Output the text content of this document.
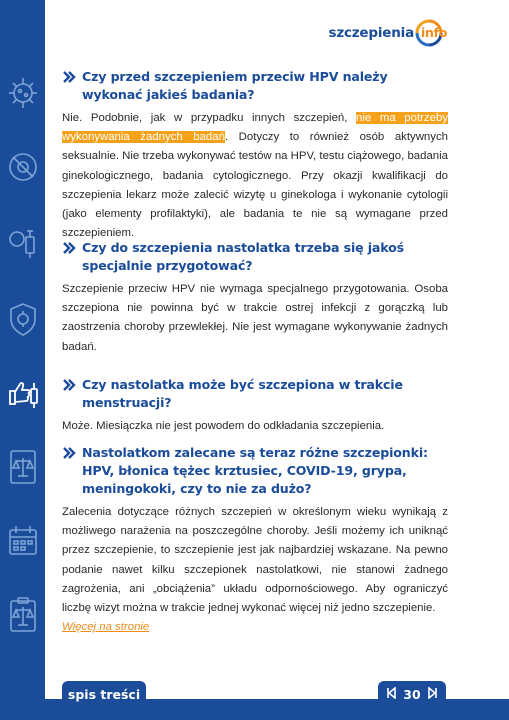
szczepienia info
Czy przed szczepieniem przeciw HPV należy wykonać jakieś badania?
Nie. Podobnie, jak w przypadku innych szczepień, nie ma potrzeby wykonywania żadnych badań. Dotyczy to również osób aktywnych seksualnie. Nie trzeba wykonywać testów na HPV, testu ciążowego, badania ginekologicznego, badania cytologicznego. Przy okazji kwalifikacji do szczepienia lekarz może zalecić wizytę u ginekologa i wykonanie cytologii (jako elementy profilaktyki), ale badania te nie są wymagane przed szczepieniem.
Czy do szczepienia nastolatka trzeba się jakoś specjalnie przygotować?
Szczepienie przeciw HPV nie wymaga specjalnego przygotowania. Osoba szczepiona nie powinna być w trakcie ostrej infekcji z gorączką lub zaostrzenia choroby przewlekłej. Nie jest wymagane wykonywanie żadnych badań.
Czy nastolatka może być szczepiona w trakcie menstruacji?
Może. Miesiączka nie jest powodem do odkładania szczepienia.
Nastolatkom zalecane są teraz różne szczepionki: HPV, błonica tężec krztusiec, COVID-19, grypa, meningokoki, czy to nie za dużo?
Zalecenia dotyczące różnych szczepień w określonym wieku wynikają z możliwego narażenia na poszczególne choroby. Jeśli możemy ich uniknąć przez szczepienie, to szczepienie jest jak najbardziej wskazane. Na pewno podanie nawet kilku szczepionek nastolatkowi, nie stanowi żadnego zagrożenia, ani „obciążenia” układu odpornościowego. Aby ograniczyć liczbę wizyt można w trakcie jednej wykonać więcej niż jedno szczepienie.
Więcej na stronie
spis treści	30
